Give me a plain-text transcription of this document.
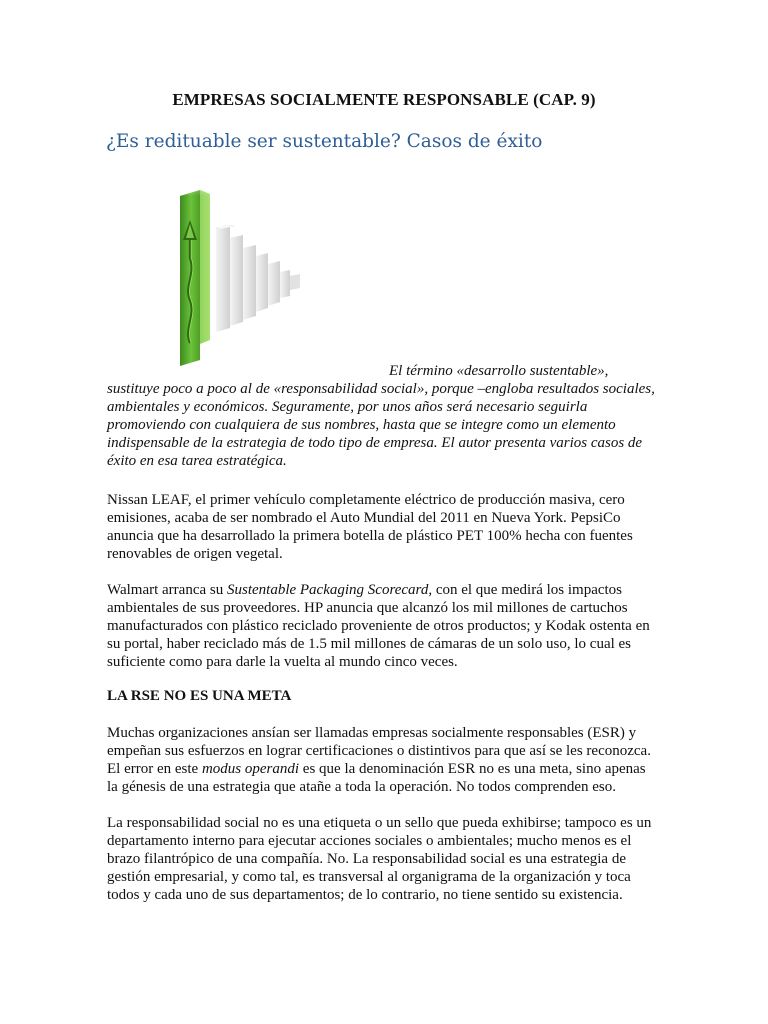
EMPRESAS SOCIALMENTE RESPONSABLE (CAP. 9)
¿Es redituable ser sustentable? Casos de éxito
El término «desarrollo sustentable»,
sustituye poco a poco al de «responsabilidad social», porque –engloba resultados sociales,
ambientales y económicos. Seguramente, por unos años será necesario seguirla
promoviendo con cualquiera de sus nombres, hasta que se integre como un elemento
indispensable de la estrategia de todo tipo de empresa. El autor presenta varios casos de
éxito en esa tarea estratégica.
Nissan LEAF, el primer vehículo completamente eléctrico de producción masiva, cero
emisiones, acaba de ser nombrado el Auto Mundial del 2011 en Nueva York. PepsiCo
anuncia que ha desarrollado la primera botella de plástico PET 100% hecha con fuentes
renovables de origen vegetal.
Walmart arranca su Sustentable Packaging Scorecard, con el que medirá los impactos
ambientales de sus proveedores. HP anuncia que alcanzó los mil millones de cartuchos
manufacturados con plástico reciclado proveniente de otros productos; y Kodak ostenta en
su portal, haber reciclado más de 1.5 mil millones de cámaras de un solo uso, lo cual es
suficiente como para darle la vuelta al mundo cinco veces.
LA RSE NO ES UNA META
Muchas organizaciones ansían ser llamadas empresas socialmente responsables (ESR) y
empeñan sus esfuerzos en lograr certificaciones o distintivos para que así se les reconozca.
El error en este modus operandi es que la denominación ESR no es una meta, sino apenas
la génesis de una estrategia que atañe a toda la operación. No todos comprenden eso.
La responsabilidad social no es una etiqueta o un sello que pueda exhibirse; tampoco es un
departamento interno para ejecutar acciones sociales o ambientales; mucho menos es el
brazo filantrópico de una compañía. No. La responsabilidad social es una estrategia de
gestión empresarial, y como tal, es transversal al organigrama de la organización y toca
todos y cada uno de sus departamentos; de lo contrario, no tiene sentido su existencia.
